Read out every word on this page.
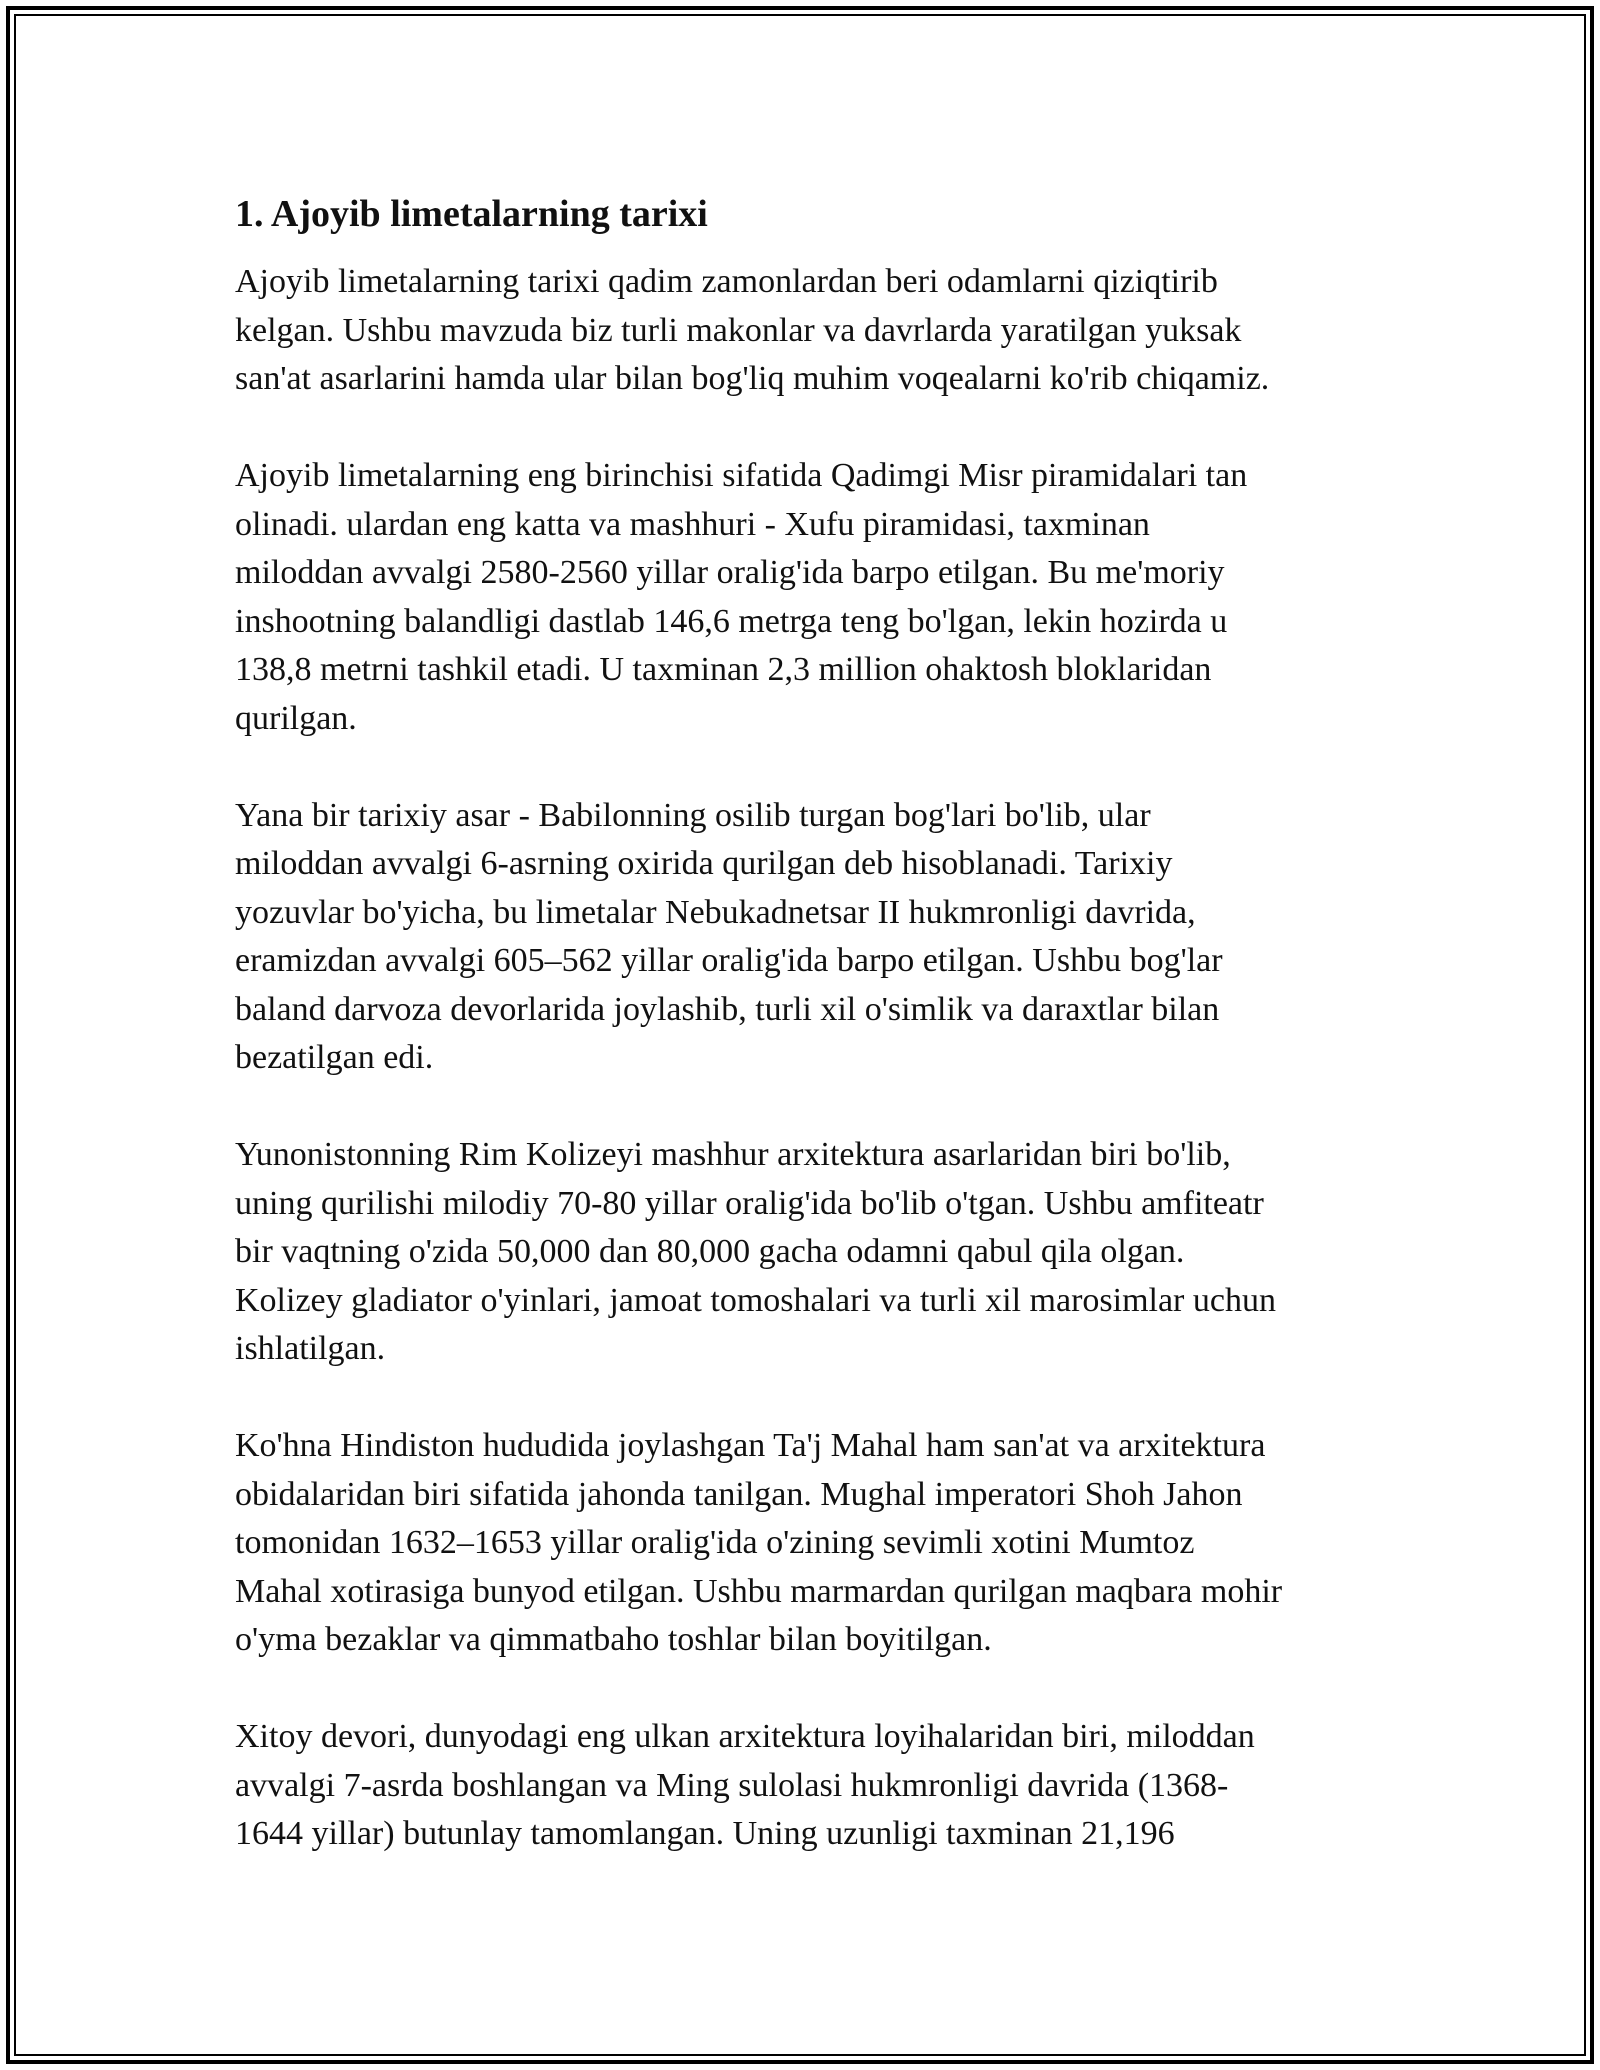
1. Ajoyib limetalarning tarixi

Ajoyib limetalarning tarixi qadim zamonlardan beri odamlarni qiziqtirib
kelgan. Ushbu mavzuda biz turli makonlar va davrlarda yaratilgan yuksak
san'at asarlarini hamda ular bilan bog'liq muhim voqealarni ko'rib chiqamiz.

Ajoyib limetalarning eng birinchisi sifatida Qadimgi Misr piramidalari tan
olinadi. ulardan eng katta va mashhuri - Xufu piramidasi, taxminan
miloddan avvalgi 2580-2560 yillar oralig'ida barpo etilgan. Bu me'moriy
inshootning balandligi dastlab 146,6 metrga teng bo'lgan, lekin hozirda u
138,8 metrni tashkil etadi. U taxminan 2,3 million ohaktosh bloklaridan
qurilgan.

Yana bir tarixiy asar - Babilonning osilib turgan bog'lari bo'lib, ular
miloddan avvalgi 6-asrning oxirida qurilgan deb hisoblanadi. Tarixiy
yozuvlar bo'yicha, bu limetalar Nebukadnetsar II hukmronligi davrida,
eramizdan avvalgi 605–562 yillar oralig'ida barpo etilgan. Ushbu bog'lar
baland darvoza devorlarida joylashib, turli xil o'simlik va daraxtlar bilan
bezatilgan edi.

Yunonistonning Rim Kolizeyi mashhur arxitektura asarlaridan biri bo'lib,
uning qurilishi milodiy 70-80 yillar oralig'ida bo'lib o'tgan. Ushbu amfiteatr
bir vaqtning o'zida 50,000 dan 80,000 gacha odamni qabul qila olgan.
Kolizey gladiator o'yinlari, jamoat tomoshalari va turli xil marosimlar uchun
ishlatilgan.

Ko'hna Hindiston hududida joylashgan Ta'j Mahal ham san'at va arxitektura
obidalaridan biri sifatida jahonda tanilgan. Mughal imperatori Shoh Jahon
tomonidan 1632–1653 yillar oralig'ida o'zining sevimli xotini Mumtoz
Mahal xotirasiga bunyod etilgan. Ushbu marmardan qurilgan maqbara mohir
o'yma bezaklar va qimmatbaho toshlar bilan boyitilgan.

Xitoy devori, dunyodagi eng ulkan arxitektura loyihalaridan biri, miloddan
avvalgi 7-asrda boshlangan va Ming sulolasi hukmronligi davrida (1368-
1644 yillar) butunlay tamomlangan. Uning uzunligi taxminan 21,196
